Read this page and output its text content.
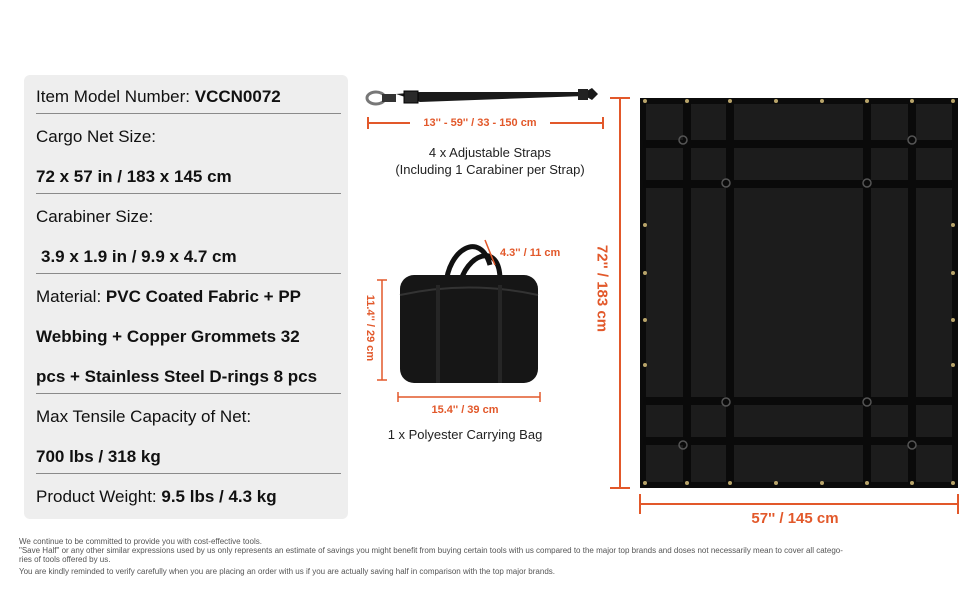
Item Model Number: VCCN0072
Cargo Net Size:
72 x 57 in / 183 x 145 cm
Carabiner Size:
3.9 x 1.9 in / 9.9 x 4.7 cm
Material: PVC Coated Fabric + PP
Webbing + Copper Grommets 32
pcs + Stainless Steel D-rings 8 pcs
Max Tensile Capacity of Net:
700 lbs / 318 kg
Product Weight: 9.5 lbs / 4.3 kg
13'' - 59'' / 33 - 150 cm
4 x Adjustable Straps
(Including 1 Carabiner per Strap)
4.3'' / 11 cm
11.4'' / 29 cm
15.4'' / 39 cm
1 x Polyester Carrying Bag
72'' / 183 cm
57'' / 145 cm
We continue to be committed to provide you with cost-effective tools.
"Save Half" or any other similar expressions used by us only represents an estimate of savings you might benefit from buying certain tools with us compared to the major top brands and doses not necessarily mean to cover all catego-
ries of tools offered by us.
You are kindly reminded to verify carefully when you are placing an order with us if you are actually saving half in comparison with the top major brands.
